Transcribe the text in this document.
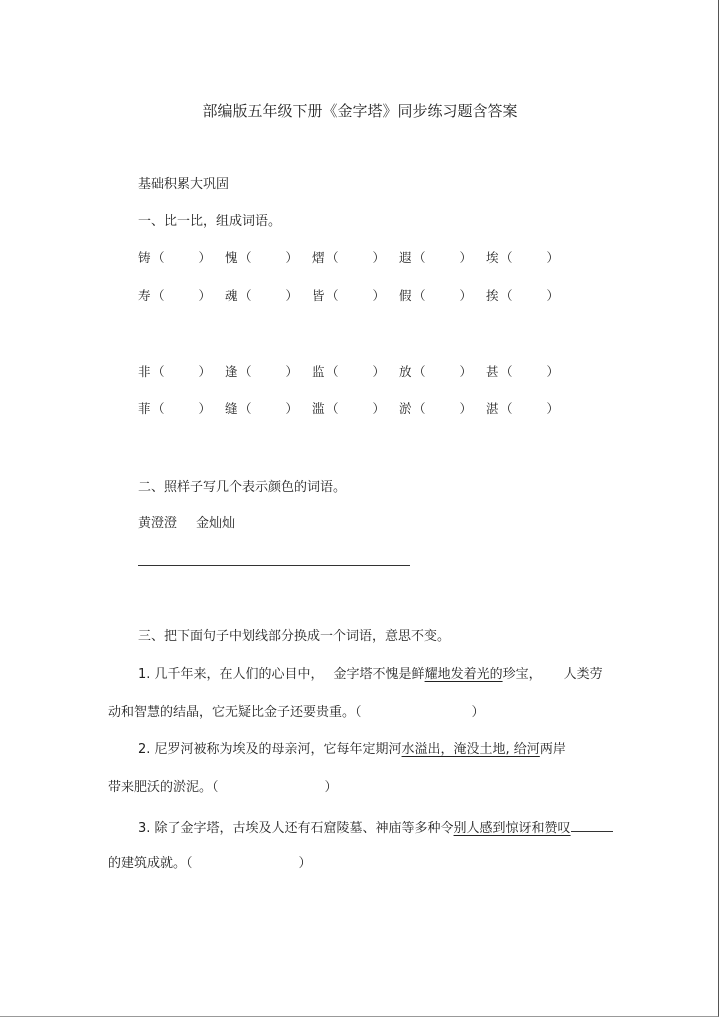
部编版五年级下册《金字塔》同步练习题含答案
基础积累大巩固
一、比一比，组成词语。
铸（	） 愧（	） 熠（	） 遐（	） 埃（	）
寿（	） 魂（	） 皆（	） 假（	） 挨（	）
非（	） 逢（	） 监（	） 放（	） 甚（	）
菲（	） 缝（	） 滥（	） 淤（	） 湛（	）
二、照样子写几个表示颜色的词语。
黄澄澄 金灿灿
三、把下面句子中划线部分换成一个词语，意思不变。
1. 几千年来，在人们的心目中， 金字塔不愧是鲜耀地发着光的珍宝， 人类劳
动和智慧的结晶，它无疑比金子还要贵重。（	）
2. 尼罗河被称为埃及的母亲河，它每年定期河水溢出，淹没土地, 给河两岸
带来肥沃的淤泥。（	）
3. 除了金字塔，古埃及人还有石窟陵墓、神庙等多种令别人感到惊讶和赞叹
的建筑成就。（	）
